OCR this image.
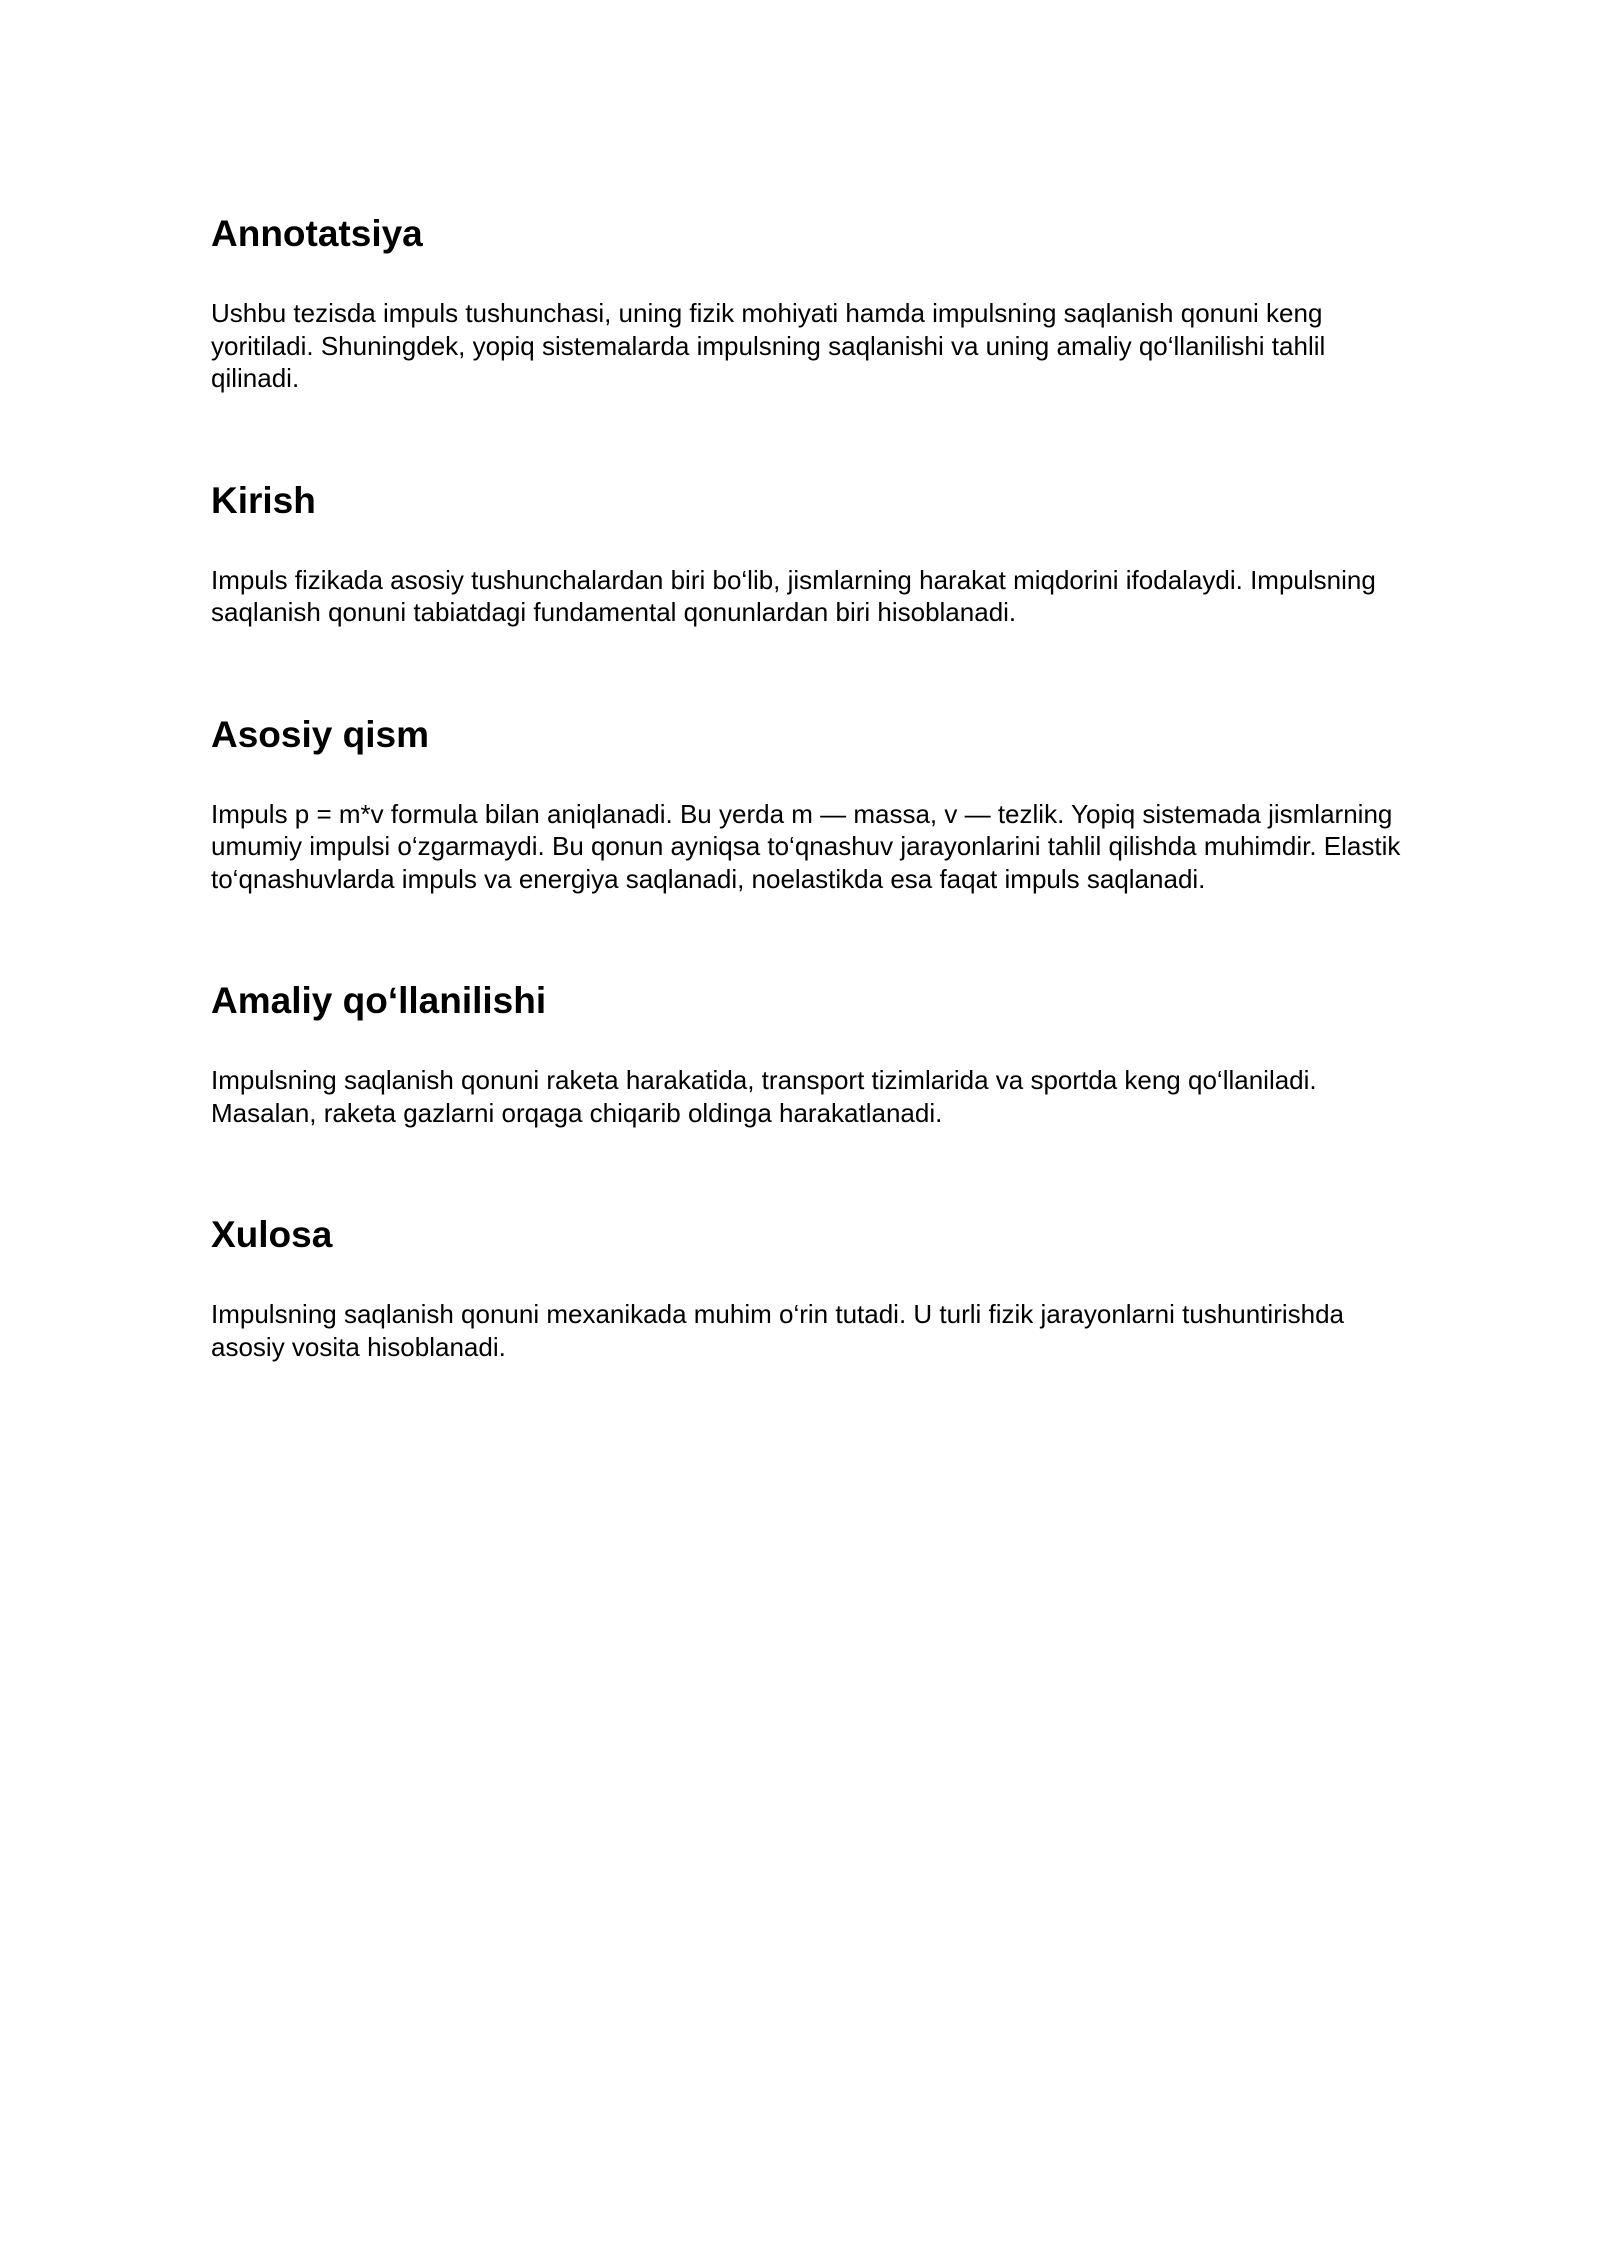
Annotatsiya

Ushbu tezisda impuls tushunchasi, uning fizik mohiyati hamda impulsning saqlanish qonuni keng yoritiladi. Shuningdek, yopiq sistemalarda impulsning saqlanishi va uning amaliy qo‘llanilishi tahlil qilinadi.

Kirish

Impuls fizikada asosiy tushunchalardan biri bo‘lib, jismlarning harakat miqdorini ifodalaydi. Impulsning saqlanish qonuni tabiatdagi fundamental qonunlardan biri hisoblanadi.

Asosiy qism

Impuls p = m*v formula bilan aniqlanadi. Bu yerda m — massa, v — tezlik. Yopiq sistemada jismlarning umumiy impulsi o‘zgarmaydi. Bu qonun ayniqsa to‘qnashuv jarayonlarini tahlil qilishda muhimdir. Elastik to‘qnashuvlarda impuls va energiya saqlanadi, noelastikda esa faqat impuls saqlanadi.

Amaliy qo‘llanilishi

Impulsning saqlanish qonuni raketa harakatida, transport tizimlarida va sportda keng qo‘llaniladi. Masalan, raketa gazlarni orqaga chiqarib oldinga harakatlanadi.

Xulosa

Impulsning saqlanish qonuni mexanikada muhim o‘rin tutadi. U turli fizik jarayonlarni tushuntirishda asosiy vosita hisoblanadi.
